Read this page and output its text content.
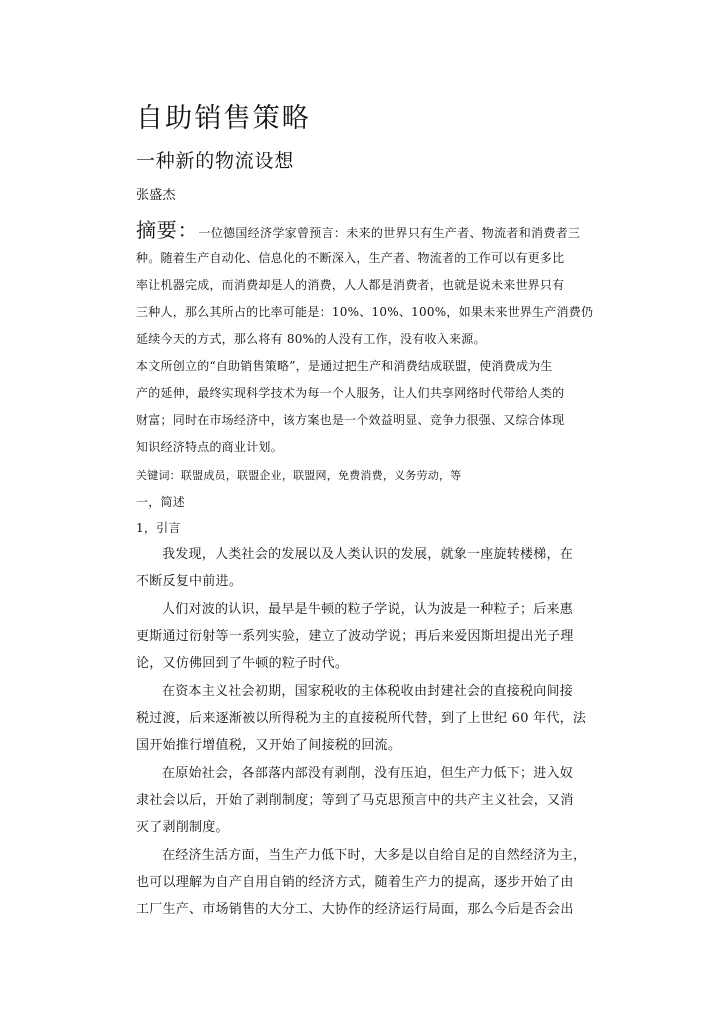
自助销售策略
一种新的物流设想
张盛杰
摘要：一位德国经济学家曾预言：未来的世界只有生产者、物流者和消费者三
种。随着生产自动化、信息化的不断深入，生产者、物流者的工作可以有更多比
率让机器完成，而消费却是人的消费，人人都是消费者，也就是说未来世界只有
三种人，那么其所占的比率可能是：10%、10%、100%，如果未来世界生产消费仍
延续今天的方式，那么将有 80%的人没有工作，没有收入来源。
本文所创立的“自助销售策略”，是通过把生产和消费结成联盟，使消费成为生
产的延伸，最终实现科学技术为每一个人服务，让人们共享网络时代带给人类的
财富；同时在市场经济中，该方案也是一个效益明显、竞争力很强、又综合体现
知识经济特点的商业计划。
关键词：联盟成员，联盟企业，联盟网，免费消费，义务劳动，等
一，简述
1，引言
我发现，人类社会的发展以及人类认识的发展，就象一座旋转楼梯，在
不断反复中前进。
人们对波的认识，最早是牛顿的粒子学说，认为波是一种粒子；后来惠
更斯通过衍射等一系列实验，建立了波动学说；再后来爱因斯坦提出光子理
论，又仿佛回到了牛顿的粒子时代。
在资本主义社会初期，国家税收的主体税收由封建社会的直接税向间接
税过渡，后来逐渐被以所得税为主的直接税所代替，到了上世纪 60 年代，法
国开始推行增值税，又开始了间接税的回流。
在原始社会，各部落内部没有剥削，没有压迫，但生产力低下；进入奴
隶社会以后，开始了剥削制度；等到了马克思预言中的共产主义社会，又消
灭了剥削制度。
在经济生活方面，当生产力低下时，大多是以自给自足的自然经济为主，
也可以理解为自产自用自销的经济方式，随着生产力的提高，逐步开始了由
工厂生产、市场销售的大分工、大协作的经济运行局面，那么今后是否会出
